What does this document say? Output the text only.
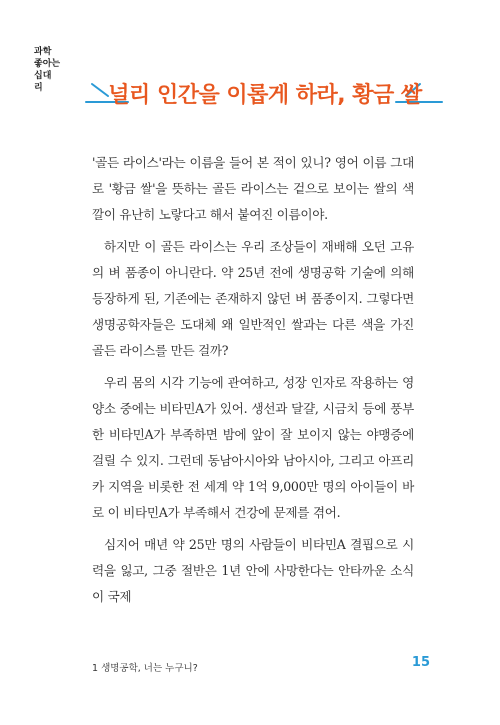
과학
좋아는
십대
리	널리 인간을 이롭게 하라, 황금 쌀

'골든 라이스'라는 이름을 들어 본 적이 있니? 영어 이름 그대로 '황금 쌀'을 뜻하는 골든 라이스는 겉으로 보이는 쌀의 색깔이 유난히 노랗다고 해서 붙여진 이름이야.

하지만 이 골든 라이스는 우리 조상들이 재배해 오던 고유의 벼 품종이 아니란다. 약 25년 전에 생명공학 기술에 의해 등장하게 된, 기존에는 존재하지 않던 벼 품종이지. 그렇다면 생명공학자들은 도대체 왜 일반적인 쌀과는 다른 색을 가진 골든 라이스를 만든 걸까?

우리 몸의 시각 기능에 관여하고, 성장 인자로 작용하는 영양소 중에는 비타민A가 있어. 생선과 달걀, 시금치 등에 풍부한 비타민A가 부족하면 밤에 앞이 잘 보이지 않는 야맹증에 걸릴 수 있지. 그런데 동남아시아와 남아시아, 그리고 아프리카 지역을 비롯한 전 세계 약 1억 9,000만 명의 아이들이 바로 이 비타민A가 부족해서 건강에 문제를 겪어.

심지어 매년 약 25만 명의 사람들이 비타민A 결핍으로 시력을 잃고, 그중 절반은 1년 안에 사망한다는 안타까운 소식이 국제

1 생명공학, 너는 누구니?	15
